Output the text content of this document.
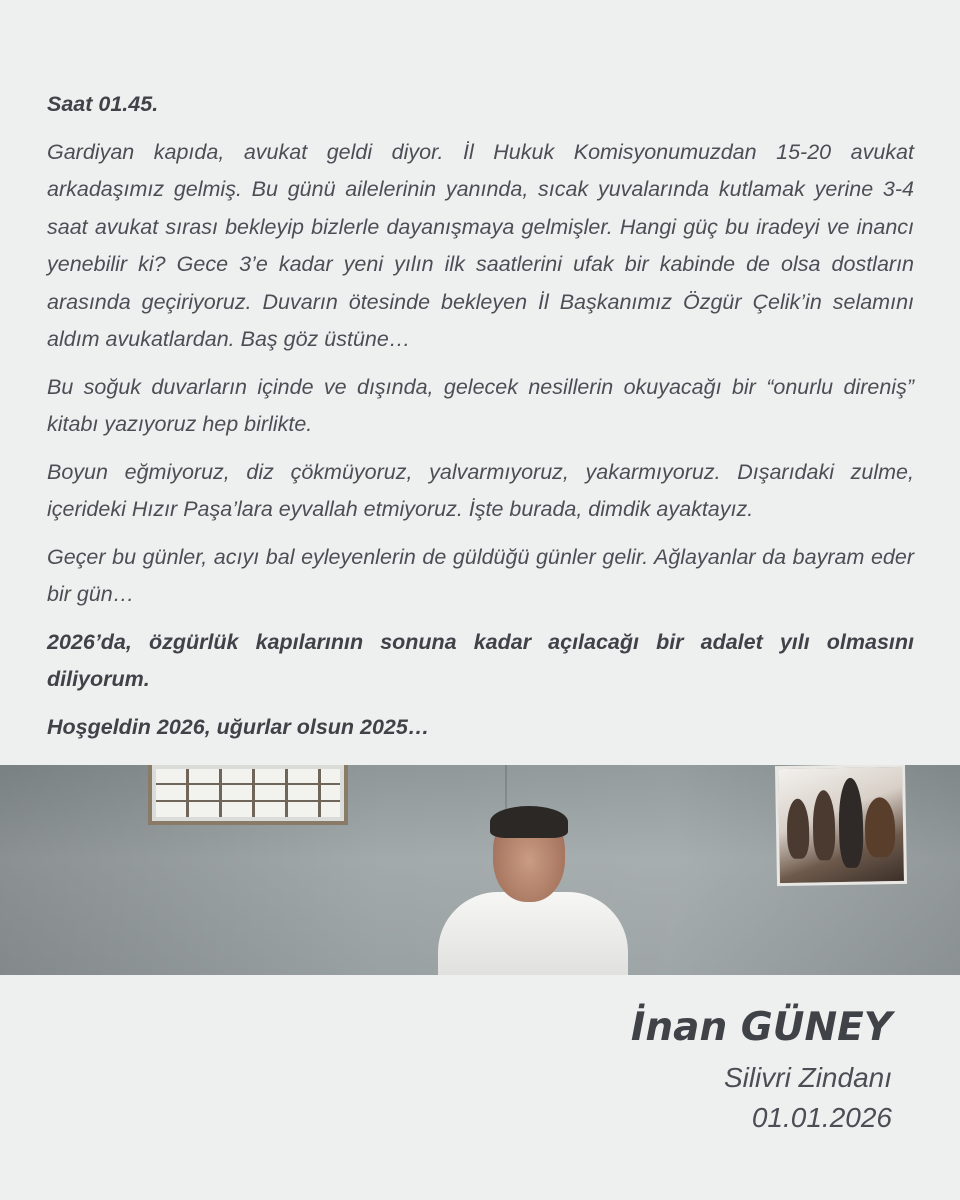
Saat 01.45.

Gardiyan kapıda, avukat geldi diyor. İl Hukuk Komisyonumuzdan 15-20 avukat arkadaşımız gelmiş. Bu günü ailelerinin yanında, sıcak yuvalarında kutlamak yerine 3-4 saat avukat sırası bekleyip bizlerle dayanışmaya gelmişler. Hangi güç bu iradeyi ve inancı yenebilir ki? Gece 3’e kadar yeni yılın ilk saatlerini ufak bir kabinde de olsa dostların arasında geçiriyoruz. Duvarın ötesinde bekleyen İl Başkanımız Özgür Çelik’in selamını aldım avukatlardan. Baş göz üstüne…

Bu soğuk duvarların içinde ve dışında, gelecek nesillerin okuyacağı bir “onurlu direniş” kitabı yazıyoruz hep birlikte.

Boyun eğmiyoruz, diz çökmüyoruz, yalvarmıyoruz, yakarmıyoruz. Dışarıdaki zulme, içerideki Hızır Paşa’lara eyvallah etmiyoruz. İşte burada, dimdik ayaktayız.

Geçer bu günler, acıyı bal eyleyenlerin de güldüğü günler gelir. Ağlayanlar da bayram eder bir gün…

2026’da, özgürlük kapılarının sonuna kadar açılacağı bir adalet yılı olmasını diliyorum.

Hoşgeldin 2026, uğurlar olsun 2025…

İnan GÜNEY
Silivri Zindanı
01.01.2026
